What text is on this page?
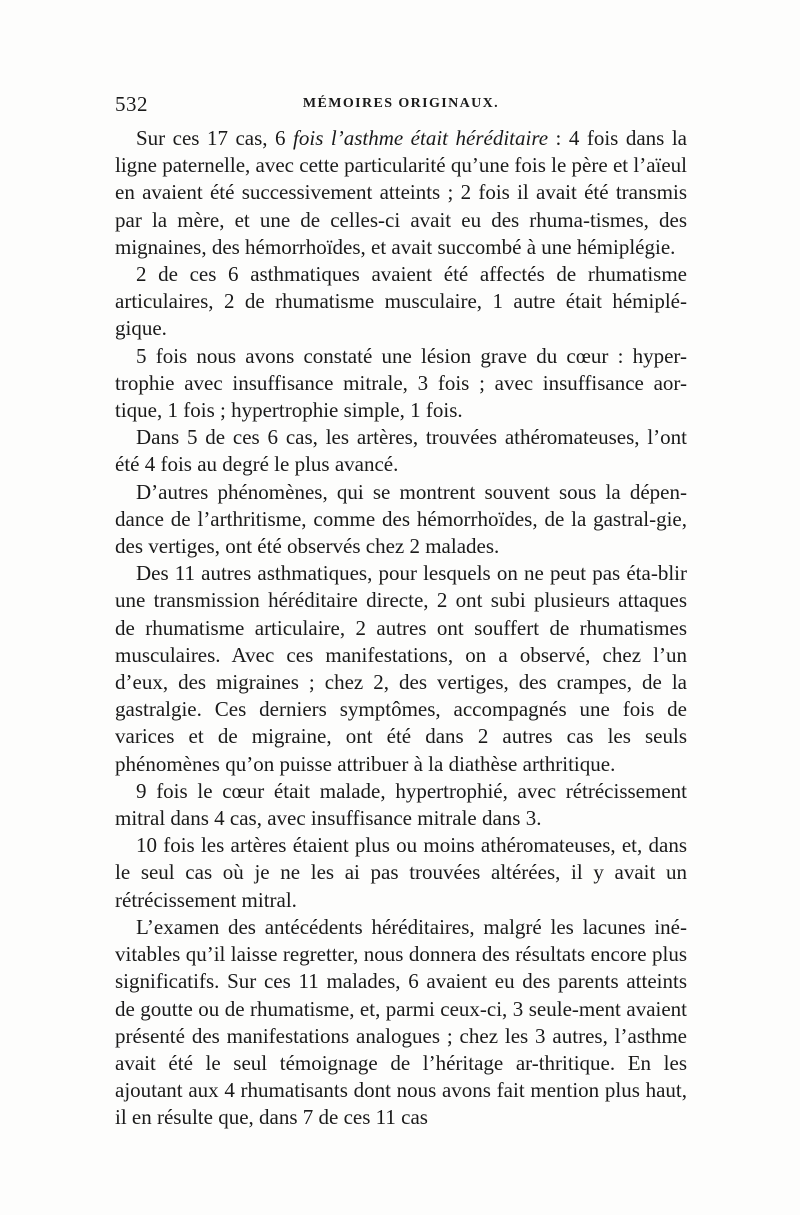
532	MÉMOIRES ORIGINAUX.

Sur ces 17 cas, 6 fois l’asthme était héréditaire : 4 fois dans la ligne paternelle, avec cette particularité qu’une fois le père et l’aïeul en avaient été successivement atteints ; 2 fois il avait été transmis par la mère, et une de celles-ci avait eu des rhuma-tismes, des mignaines, des hémorrhoïdes, et avait succombé à une hémiplégie.

2 de ces 6 asthmatiques avaient été affectés de rhumatisme articulaires, 2 de rhumatisme musculaire, 1 autre était hémiplé-gique.

5 fois nous avons constaté une lésion grave du cœur : hyper-trophie avec insuffisance mitrale, 3 fois ; avec insuffisance aor-tique, 1 fois ; hypertrophie simple, 1 fois.

Dans 5 de ces 6 cas, les artères, trouvées athéromateuses, l’ont été 4 fois au degré le plus avancé.

D’autres phénomènes, qui se montrent souvent sous la dépen-dance de l’arthritisme, comme des hémorrhoïdes, de la gastral-gie, des vertiges, ont été observés chez 2 malades.

Des 11 autres asthmatiques, pour lesquels on ne peut pas éta-blir une transmission héréditaire directe, 2 ont subi plusieurs attaques de rhumatisme articulaire, 2 autres ont souffert de rhumatismes musculaires. Avec ces manifestations, on a observé, chez l’un d’eux, des migraines ; chez 2, des vertiges, des crampes, de la gastralgie. Ces derniers symptômes, accompagnés une fois de varices et de migraine, ont été dans 2 autres cas les seuls phénomènes qu’on puisse attribuer à la diathèse arthritique.

9 fois le cœur était malade, hypertrophié, avec rétrécissement mitral dans 4 cas, avec insuffisance mitrale dans 3.

10 fois les artères étaient plus ou moins athéromateuses, et, dans le seul cas où je ne les ai pas trouvées altérées, il y avait un rétrécissement mitral.

L’examen des antécédents héréditaires, malgré les lacunes iné-vitables qu’il laisse regretter, nous donnera des résultats encore plus significatifs. Sur ces 11 malades, 6 avaient eu des parents atteints de goutte ou de rhumatisme, et, parmi ceux-ci, 3 seule-ment avaient présenté des manifestations analogues ; chez les 3 autres, l’asthme avait été le seul témoignage de l’héritage ar-thritique. En les ajoutant aux 4 rhumatisants dont nous avons fait mention plus haut, il en résulte que, dans 7 de ces 11 cas
